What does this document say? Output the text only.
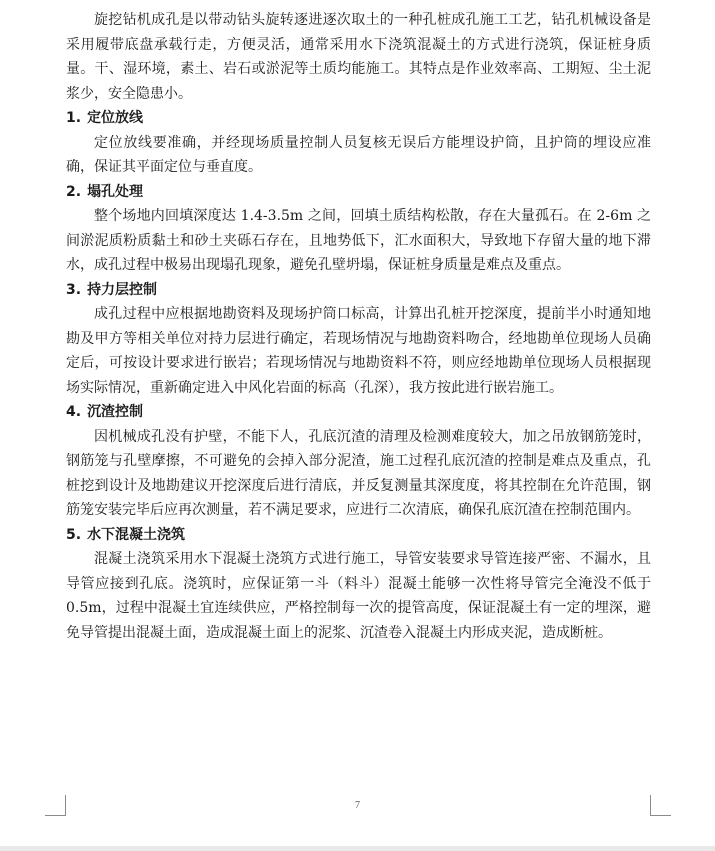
旋挖钻机成孔是以带动钻头旋转逐进逐次取土的一种孔桩成孔施工工艺，钻孔机械设备是采用履带底盘承载行走，方便灵活，通常采用水下浇筑混凝土的方式进行浇筑，保证桩身质量。干、湿环境，素土、岩石或淤泥等土质均能施工。其特点是作业效率高、工期短、尘土泥浆少，安全隐患小。

1. 定位放线

定位放线要准确，并经现场质量控制人员复核无误后方能埋设护筒，且护筒的埋设应准确，保证其平面定位与垂直度。

2. 塌孔处理

整个场地内回填深度达 1.4-3.5m 之间，回填土质结构松散，存在大量孤石。在 2-6m 之间淤泥质粉质黏土和砂土夹砾石存在，且地势低下，汇水面积大，导致地下存留大量的地下滞水，成孔过程中极易出现塌孔现象，避免孔壁坍塌，保证桩身质量是难点及重点。

3. 持力层控制

成孔过程中应根据地勘资料及现场护筒口标高，计算出孔桩开挖深度，提前半小时通知地勘及甲方等相关单位对持力层进行确定，若现场情况与地勘资料吻合，经地勘单位现场人员确定后，可按设计要求进行嵌岩；若现场情况与地勘资料不符，则应经地勘单位现场人员根据现场实际情况，重新确定进入中风化岩面的标高（孔深），我方按此进行嵌岩施工。

4. 沉渣控制

因机械成孔没有护壁，不能下人，孔底沉渣的清理及检测难度较大，加之吊放钢筋笼时，钢筋笼与孔壁摩擦，不可避免的会掉入部分泥渣，施工过程孔底沉渣的控制是难点及重点，孔桩挖到设计及地勘建议开挖深度后进行清底，并反复测量其深度度，将其控制在允许范围，钢筋笼安装完毕后应再次测量，若不满足要求，应进行二次清底，确保孔底沉渣在控制范围内。

5. 水下混凝土浇筑

混凝土浇筑采用水下混凝土浇筑方式进行施工，导管安装要求导管连接严密、不漏水，且导管应接到孔底。浇筑时，应保证第一斗（料斗）混凝土能够一次性将导管完全淹没不低于 0.5m，过程中混凝土宜连续供应，严格控制每一次的提管高度，保证混凝土有一定的埋深，避免导管提出混凝土面，造成混凝土面上的泥浆、沉渣卷入混凝土内形成夹泥，造成断桩。

7
